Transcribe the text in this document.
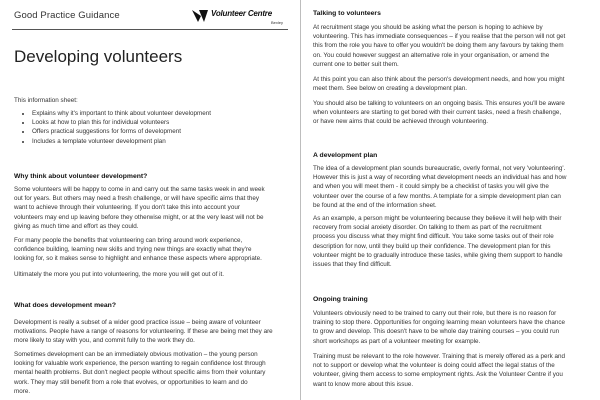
Good Practice Guidance	Volunteer Centre
Bexley
Developing volunteers
This information sheet:
• Explains why it's important to think about volunteer development
• Looks at how to plan this for individual volunteers
• Offers practical suggestions for forms of development
• Includes a template volunteer development plan
Why think about volunteer development?
Some volunteers will be happy to come in and carry out the same tasks week in and week
out for years. But others may need a fresh challenge, or will have specific aims that they
want to achieve through their volunteering. If you don't take this into account your
volunteers may end up leaving before they otherwise might, or at the very least will not be
giving as much time and effort as they could.
For many people the benefits that volunteering can bring around work experience,
confidence building, learning new skills and trying new things are exactly what they're
looking for, so it makes sense to highlight and enhance these aspects where appropriate.
Ultimately the more you put into volunteering, the more you will get out of it.
What does development mean?
Development is really a subset of a wider good practice issue – being aware of volunteer
motivations. People have a range of reasons for volunteering. If these are being met they are
more likely to stay with you, and commit fully to the work they do.
Sometimes development can be an immediately obvious motivation – the young person
looking for valuable work experience, the person wanting to regain confidence lost through
mental health problems. But don't neglect people without specific aims from their voluntary
work. They may still benefit from a role that evolves, or opportunities to learn and do
more.
Talking to volunteers
At recruitment stage you should be asking what the person is hoping to achieve by
volunteering. This has immediate consequences – if you realise that the person will not get
this from the role you have to offer you wouldn't be doing them any favours by taking them
on. You could however suggest an alternative role in your organisation, or amend the
current one to better suit them.
At this point you can also think about the person's development needs, and how you might
meet them. See below on creating a development plan.
You should also be talking to volunteers on an ongoing basis. This ensures you'll be aware
when volunteers are starting to get bored with their current tasks, need a fresh challenge,
or have new aims that could be achieved through volunteering.
A development plan
The idea of a development plan sounds bureaucratic, overly formal, not very 'volunteering'.
However this is just a way of recording what development needs an individual has and how
and when you will meet them - it could simply be a checklist of tasks you will give the
volunteer over the course of a few months. A template for a simple development plan can
be found at the end of the information sheet.
As an example, a person might be volunteering because they believe it will help with their
recovery from social anxiety disorder. On talking to them as part of the recruitment
process you discuss what they might find difficult. You take some tasks out of their role
description for now, until they build up their confidence. The development plan for this
volunteer might be to gradually introduce these tasks, while giving them support to handle
issues that they find difficult.
Ongoing training
Volunteers obviously need to be trained to carry out their role, but there is no reason for
training to stop there. Opportunities for ongoing learning mean volunteers have the chance
to grow and develop. This doesn't have to be whole day training courses – you could run
short workshops as part of a volunteer meeting for example.
Training must be relevant to the role however. Training that is merely offered as a perk and
not to support or develop what the volunteer is doing could affect the legal status of the
volunteer, giving them access to some employment rights. Ask the Volunteer Centre if you
want to know more about this issue.
